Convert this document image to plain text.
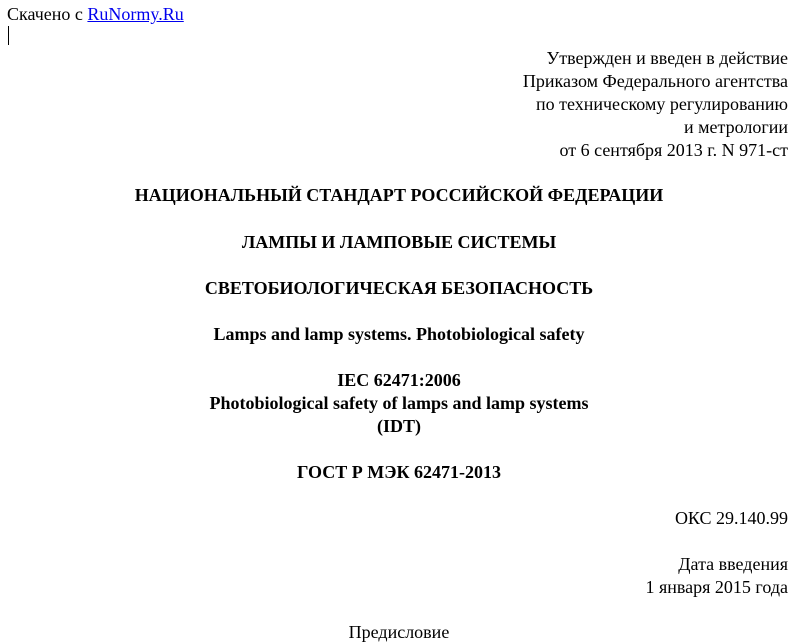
Скачено с RuNormy.Ru
Утвержден и введен в действие
Приказом Федерального агентства
по техническому регулированию
и метрологии
от 6 сентября 2013 г. N 971-ст
НАЦИОНАЛЬНЫЙ СТАНДАРТ РОССИЙСКОЙ ФЕДЕРАЦИИ
ЛАМПЫ И ЛАМПОВЫЕ СИСТЕМЫ
СВЕТОБИОЛОГИЧЕСКАЯ БЕЗОПАСНОСТЬ
Lamps and lamp systems. Photobiological safety
IEC 62471:2006
Photobiological safety of lamps and lamp systems
(IDT)
ГОСТ Р МЭК 62471-2013
ОКС 29.140.99
Дата введения
1 января 2015 года
Предисловие
